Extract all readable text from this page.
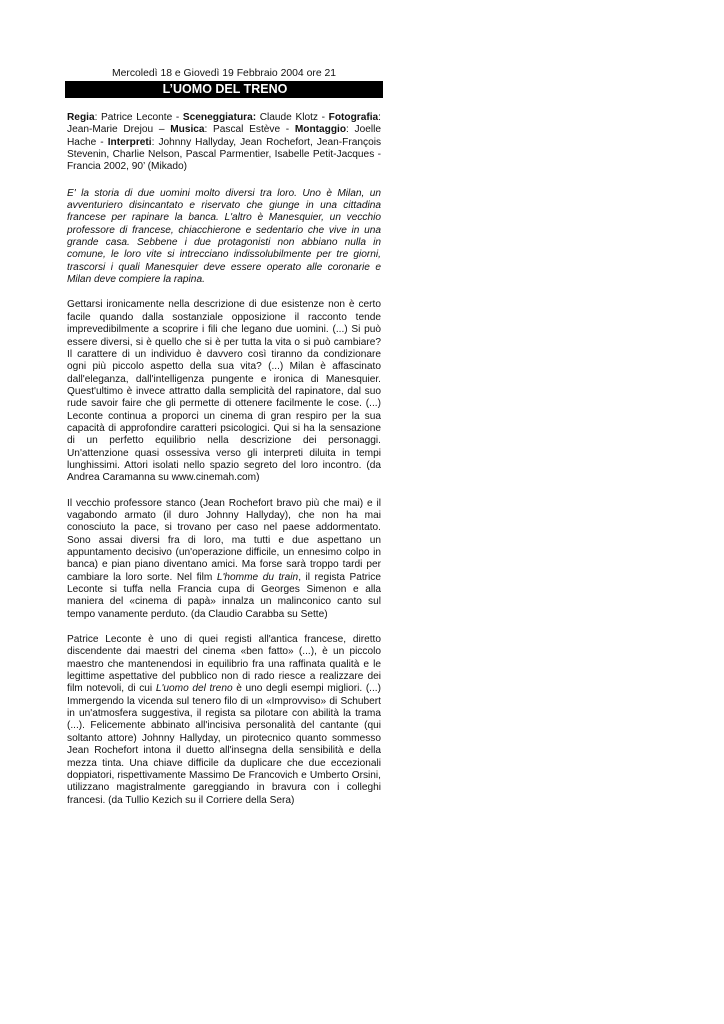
Mercoledì 18 e Giovedì 19 Febbraio 2004 ore 21
L’UOMO DEL TRENO

Regia: Patrice Leconte - Sceneggiatura: Claude Klotz - Fotografia: Jean-Marie Drejou – Musica: Pascal Estève - Montaggio: Joelle Hache - Interpreti: Johnny Hallyday, Jean Rochefort, Jean-François Stevenin, Charlie Nelson, Pascal Parmentier, Isabelle Petit-Jacques - Francia 2002, 90’ (Mikado)

E' la storia di due uomini molto diversi tra loro. Uno è Milan, un avventuriero disincantato e riservato che giunge in una cittadina francese per rapinare la banca. L'altro è Manesquier, un vecchio professore di francese, chiacchierone e sedentario che vive in una grande casa. Sebbene i due protagonisti non abbiano nulla in comune, le loro vite si intrecciano indissolubilmente per tre giorni, trascorsi i quali Manesquier deve essere operato alle coronarie e Milan deve compiere la rapina.

Gettarsi ironicamente nella descrizione di due esistenze non è certo facile quando dalla sostanziale opposizione il racconto tende imprevedibilmente a scoprire i fili che legano due uomini. (...) Si può essere diversi, si è quello che si è per tutta la vita o si può cambiare? Il carattere di un individuo è davvero così tiranno da condizionare ogni più piccolo aspetto della sua vita? (...) Milan è affascinato dall'eleganza, dall'intelligenza pungente e ironica di Manesquier. Quest'ultimo è invece attratto dalla semplicità del rapinatore, dal suo rude savoir faire che gli permette di ottenere facilmente le cose. (...) Leconte continua a proporci un cinema di gran respiro per la sua capacità di approfondire caratteri psicologici. Qui si ha la sensazione di un perfetto equilibrio nella descrizione dei personaggi. Un'attenzione quasi ossessiva verso gli interpreti diluita in tempi lunghissimi. Attori isolati nello spazio segreto del loro incontro. (da Andrea Caramanna su www.cinemah.com)

Il vecchio professore stanco (Jean Rochefort bravo più che mai) e il vagabondo armato (il duro Johnny Hallyday), che non ha mai conosciuto la pace, si trovano per caso nel paese addormentato. Sono assai diversi fra di loro, ma tutti e due aspettano un appuntamento decisivo (un'operazione difficile, un ennesimo colpo in banca) e pian piano diventano amici. Ma forse sarà troppo tardi per cambiare la loro sorte. Nel film L'homme du train, il regista Patrice Leconte si tuffa nella Francia cupa di Georges Simenon e alla maniera del «cinema di papà» innalza un malinconico canto sul tempo vanamente perduto. (da Claudio Carabba su Sette)

Patrice Leconte è uno di quei registi all'antica francese, diretto discendente dai maestri del cinema «ben fatto» (...), è un piccolo maestro che mantenendosi in equilibrio fra una raffinata qualità e le legittime aspettative del pubblico non di rado riesce a realizzare dei film notevoli, di cui L'uomo del treno è uno degli esempi migliori. (...) Immergendo la vicenda sul tenero filo di un «Improvviso» di Schubert in un'atmosfera suggestiva, il regista sa pilotare con abilità la trama (...). Felicemente abbinato all'incisiva personalità del cantante (qui soltanto attore) Johnny Hallyday, un pirotecnico quanto sommesso Jean Rochefort intona il duetto all'insegna della sensibilità e della mezza tinta. Una chiave difficile da duplicare che due eccezionali doppiatori, rispettivamente Massimo De Francovich e Umberto Orsini, utilizzano magistralmente gareggiando in bravura con i colleghi francesi. (da Tullio Kezich su il Corriere della Sera)
